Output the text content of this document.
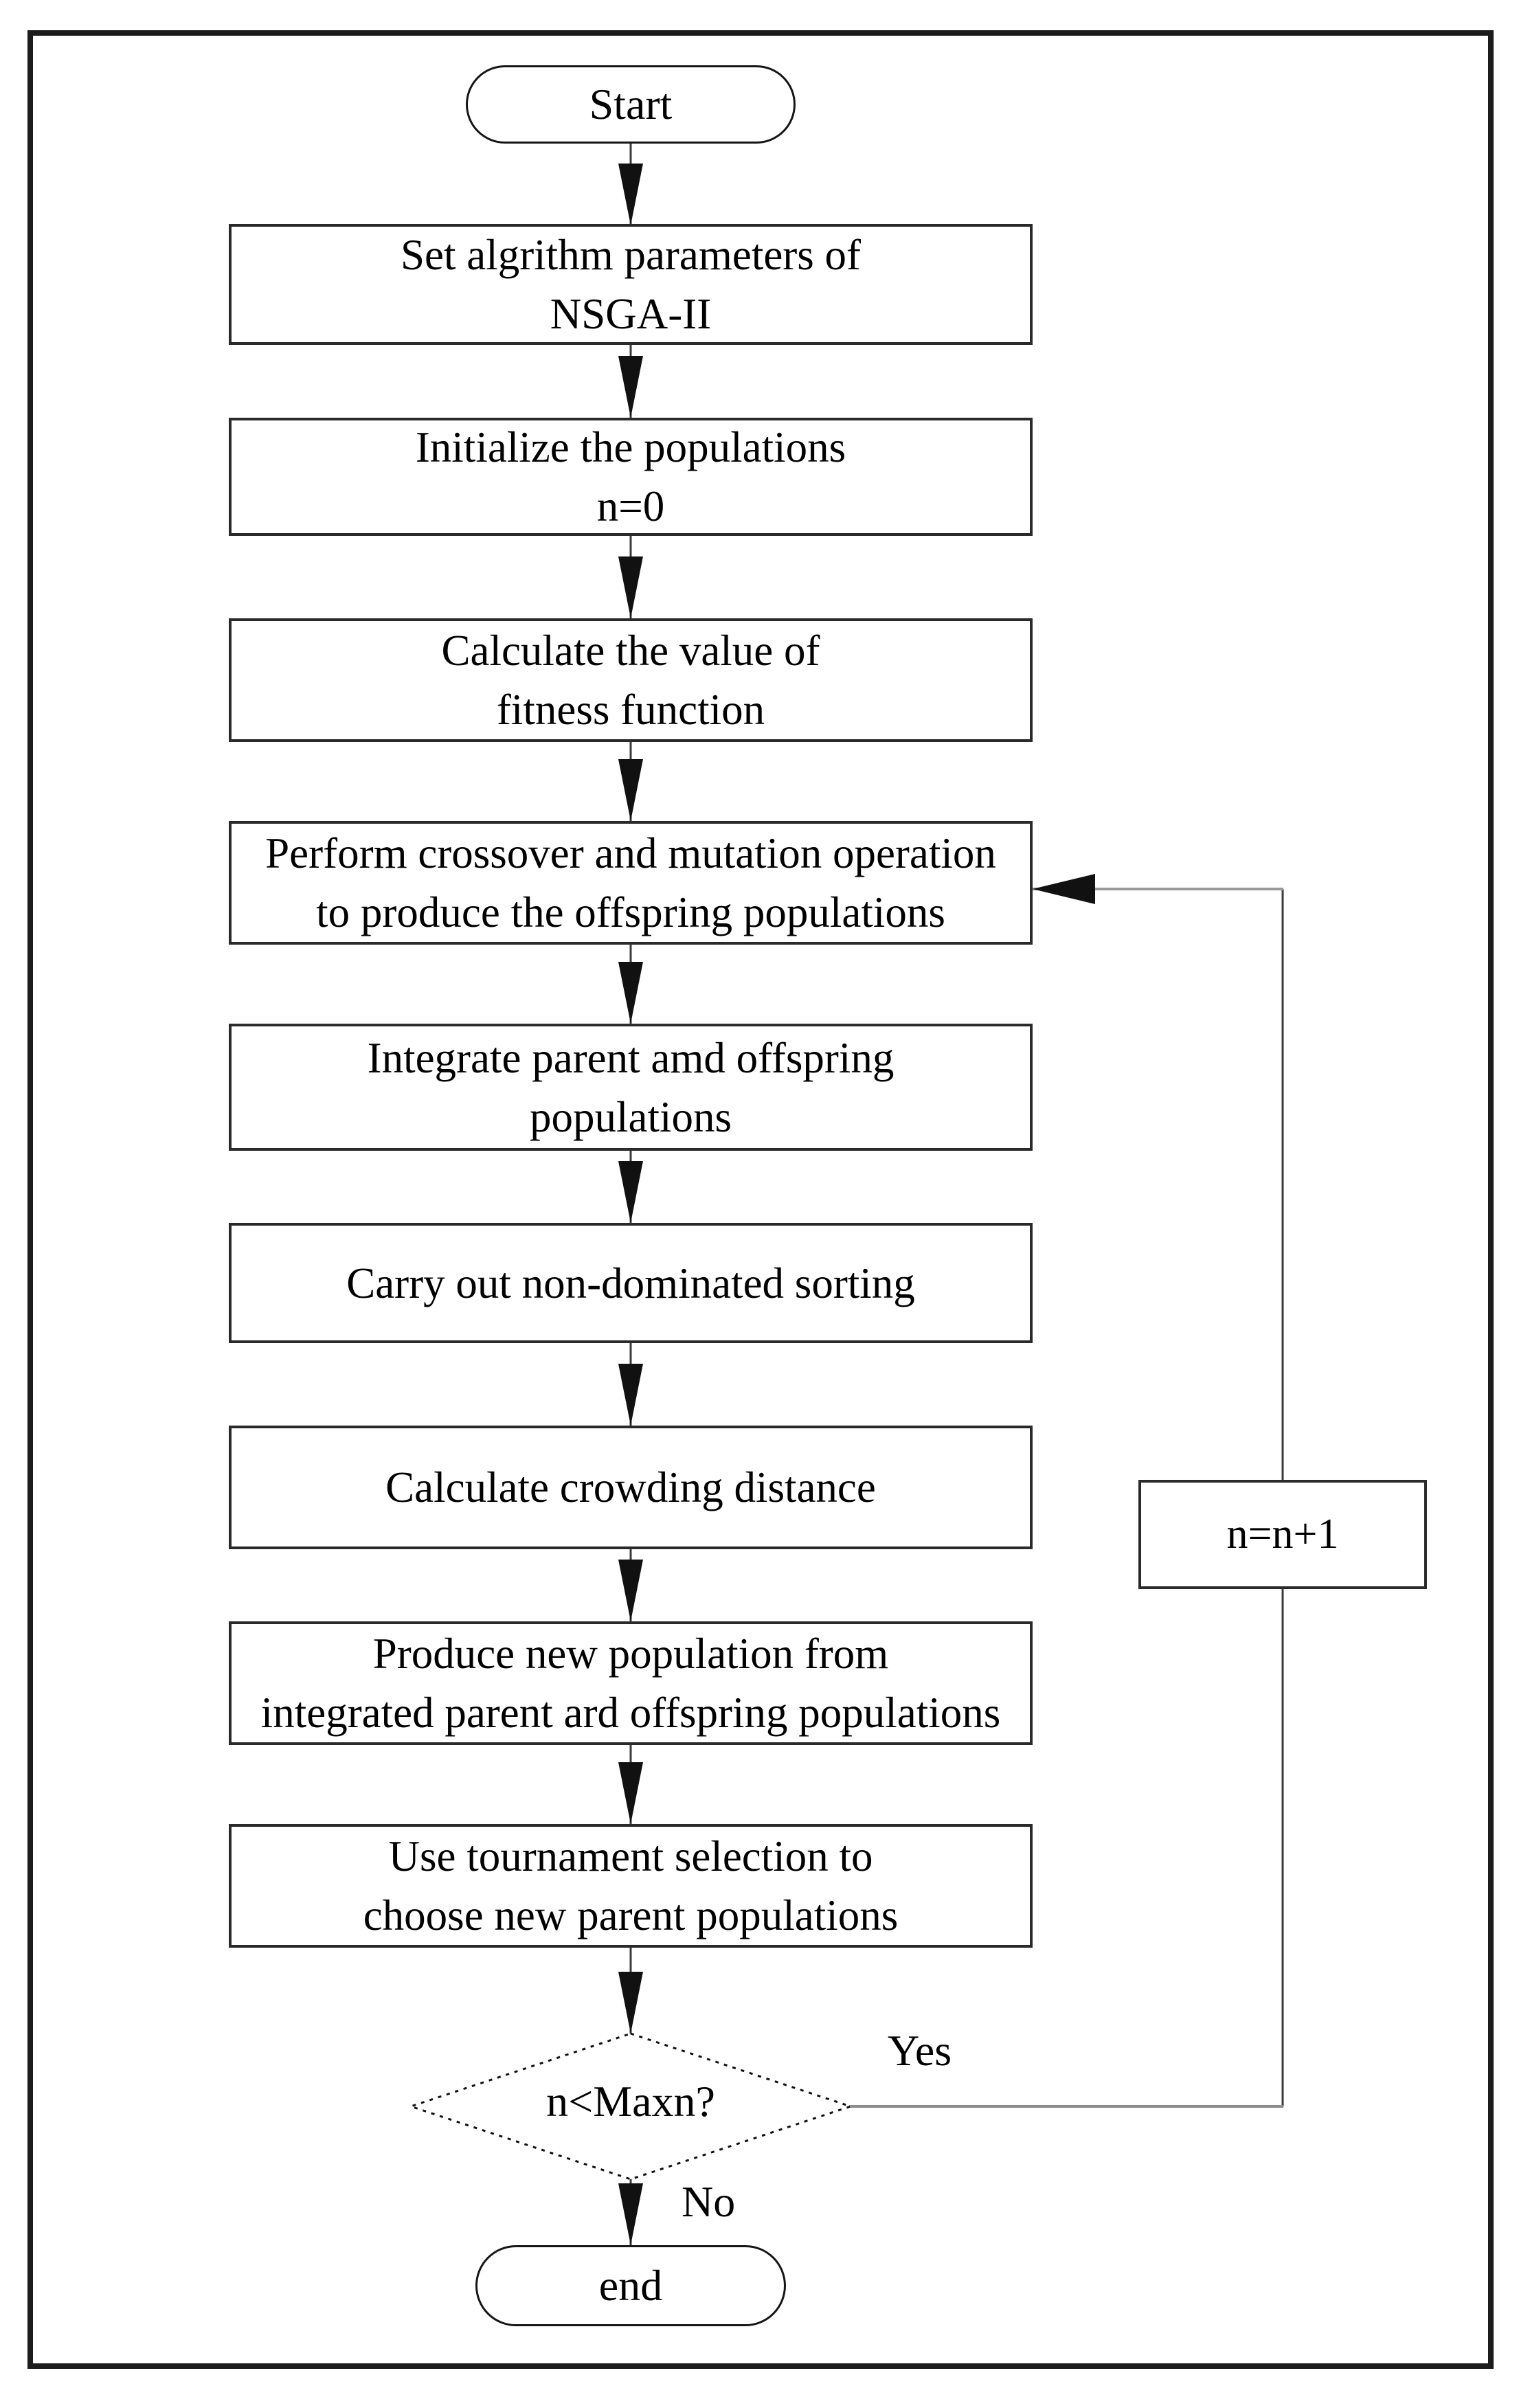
Start
Set algrithm parameters of
NSGA-II
Initialize the populations
n=0
Calculate the value of
fitness function
Perform crossover and mutation operation
to produce the offspring populations
Integrate parent amd offspring
populations
Carry out non-dominated sorting
Calculate crowding distance
Produce new population from
integrated parent ard offspring populations
Use tournament selection to
choose new parent populations
n<Maxn?
n=n+1
Yes
No
end
